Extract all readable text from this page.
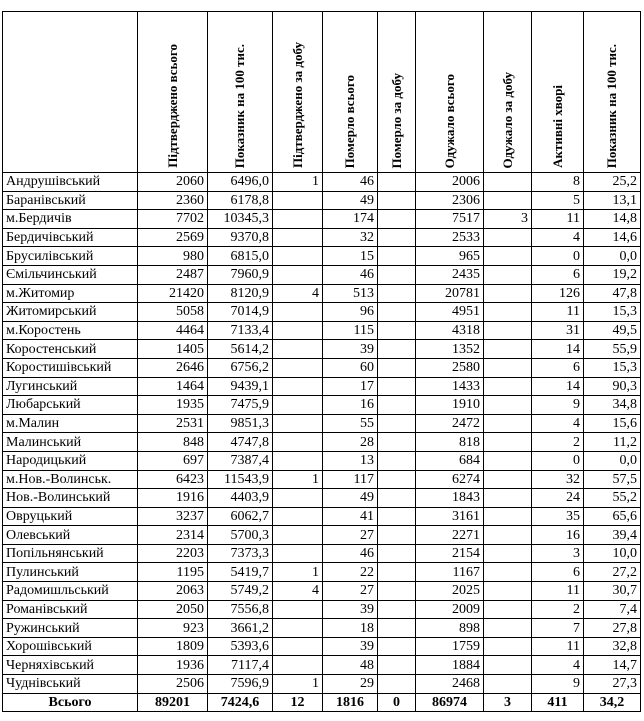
	Підтверджено всього	Показник на 100 тис.	Підтверджено за добу	Померло всього	Померло за добу	Одужало всього	Одужало за добу	Активні хворі	Показник на 100 тис.
Андрушівський	2060	6496,0	1	46		2006		8	25,2
Баранівський	2360	6178,8		49		2306		5	13,1
м.Бердичів	7702	10345,3		174		7517	3	11	14,8
Бердичівський	2569	9370,8		32		2533		4	14,6
Брусилівський	980	6815,0		15		965		0	0,0
Ємільчинський	2487	7960,9		46		2435		6	19,2
м.Житомир	21420	8120,9	4	513		20781		126	47,8
Житомирський	5058	7014,9		96		4951		11	15,3
м.Коростень	4464	7133,4		115		4318		31	49,5
Коростенський	1405	5614,2		39		1352		14	55,9
Коростишівський	2646	6756,2		60		2580		6	15,3
Лугинський	1464	9439,1		17		1433		14	90,3
Любарський	1935	7475,9		16		1910		9	34,8
м.Малин	2531	9851,3		55		2472		4	15,6
Малинський	848	4747,8		28		818		2	11,2
Народицький	697	7387,4		13		684		0	0,0
м.Нов.-Волинськ.	6423	11543,9	1	117		6274		32	57,5
Нов.-Волинський	1916	4403,9		49		1843		24	55,2
Овруцький	3237	6062,7		41		3161		35	65,6
Олевський	2314	5700,3		27		2271		16	39,4
Попільнянський	2203	7373,3		46		2154		3	10,0
Пулинський	1195	5419,7	1	22		1167		6	27,2
Радомишльський	2063	5749,2	4	27		2025		11	30,7
Романівський	2050	7556,8		39		2009		2	7,4
Ружинський	923	3661,2		18		898		7	27,8
Хорошівський	1809	5393,6		39		1759		11	32,8
Черняхівський	1936	7117,4		48		1884		4	14,7
Чуднівський	2506	7596,9	1	29		2468		9	27,3
Всього	89201	7424,6	12	1816	0	86974	3	411	34,2
